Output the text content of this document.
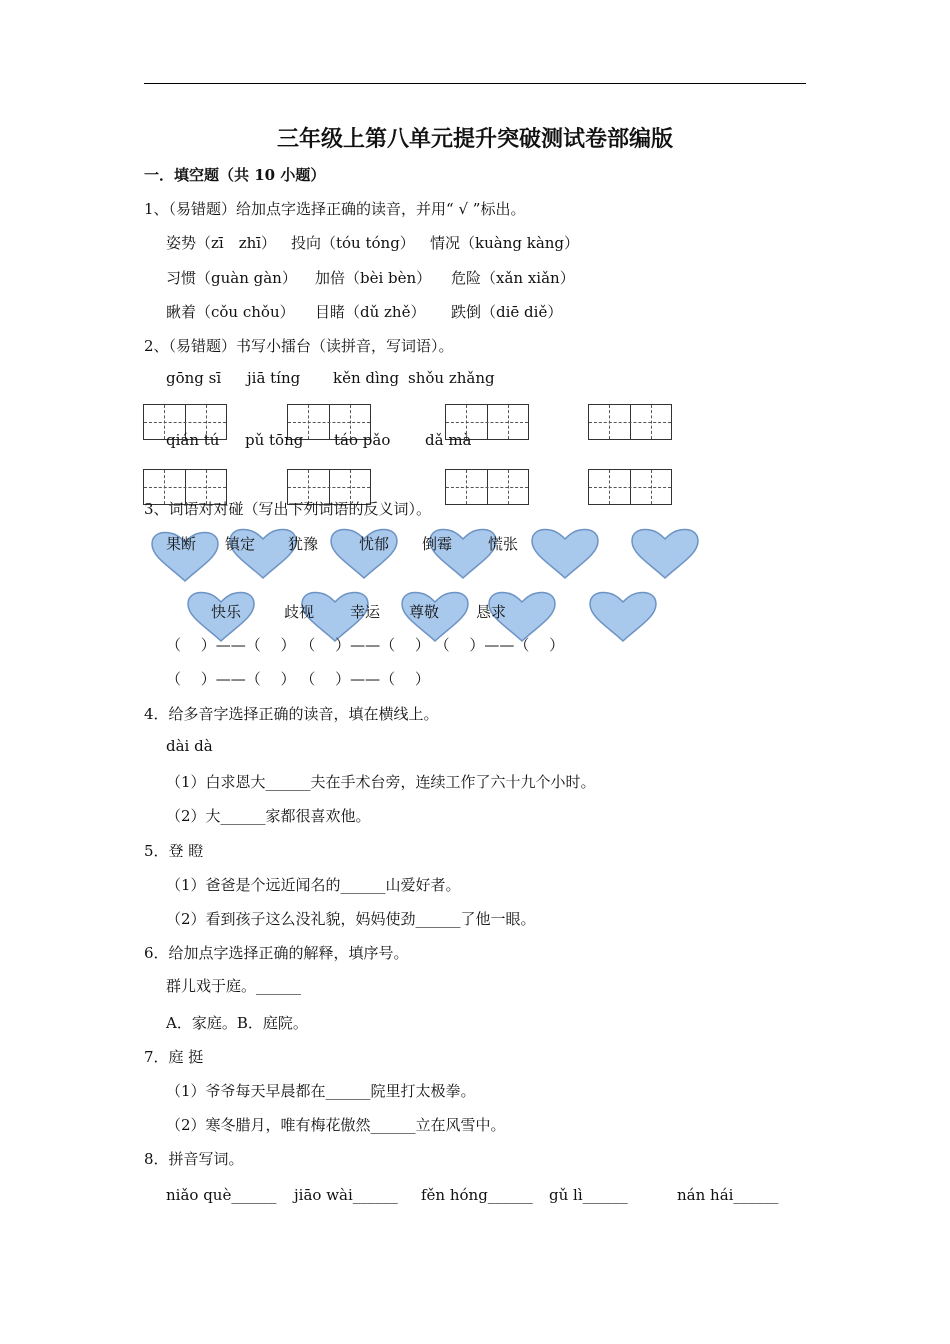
三年级上第八单元提升突破测试卷部编版
一．填空题（共 10 小题）
1、（易错题）给加点字选择正确的读音，并用“ √ ”标出。
姿势（zī　zhī） 投向（tóu tóng） 情况（kuàng kàng）
习惯（guàn gàn） 加倍（bèi bèn） 危险（xǎn xiǎn）
瞅着（cǒu chǒu） 目睹（dǔ zhě） 跌倒（diē diě）
2、（易错题）书写小擂台（读拼音，写词语）。
gōng sī jiā tíng kěn dìng shǒu zhǎng
qián tú pǔ tōng táo pǎo dǎ mà
3、词语对对碰（写出下列词语的反义词）。
果断 镇定 犹豫	忧郁 倒霉 慌张
快乐	歧视 幸运 尊敬 恳求
（　 ）——（　 ） （　 ）——（　 ） （　 ）——（　 ）
（　 ）——（　 ） （　 ）——（　 ）
4．给多音字选择正确的读音，填在横线上。
dài dà
（1）白求恩大______夫在手术台旁，连续工作了六十九个小时。
（2）大______家都很喜欢他。
5．登 瞪
（1）爸爸是个远近闻名的______山爱好者。
（2）看到孩子这么没礼貌，妈妈使劲______了他一眼。
6．给加点字选择正确的解释，填序号。
群儿戏于庭。______
A．家庭。B．庭院。
7．庭 挺
（1）爷爷每天早晨都在______院里打太极拳。
（2）寒冬腊月，唯有梅花傲然______立在风雪中。
8．拼音写词。
niǎo què______ jiāo wài______ fěn hóng______ gǔ lì______	nán hái______
